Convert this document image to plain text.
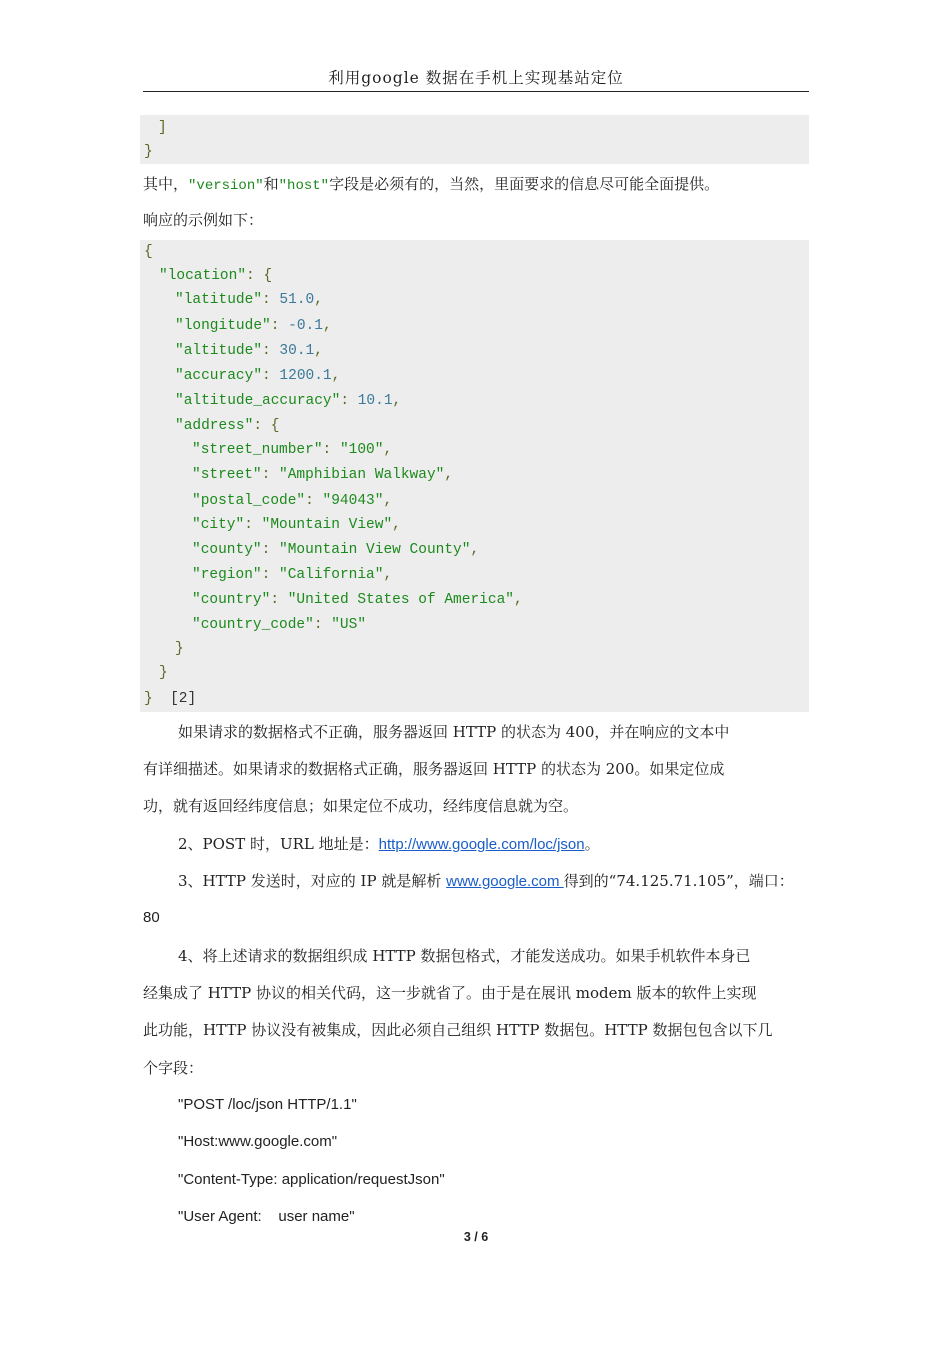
利用google 数据在手机上实现基站定位
]
}
其中，"version"和"host"字段是必须有的，当然，里面要求的信息尽可能全面提供。
响应的示例如下：
{
"location": {
"latitude": 51.0,
"longitude": -0.1,
"altitude": 30.1,
"accuracy": 1200.1,
"altitude_accuracy": 10.1,
"address": {
"street_number": "100",
"street": "Amphibian Walkway",
"postal_code": "94043",
"city": "Mountain View",
"county": "Mountain View County",
"region": "California",
"country": "United States of America",
"country_code": "US"
}
}
} [2]
如果请求的数据格式不正确，服务器返回 HTTP 的状态为 400，并在响应的文本中
有详细描述。如果请求的数据格式正确，服务器返回 HTTP 的状态为 200。如果定位成
功，就有返回经纬度信息；如果定位不成功，经纬度信息就为空。
2、POST 时，URL 地址是：http://www.google.com/loc/json。
3、HTTP 发送时，对应的 IP 就是解析 www.google.com 得到的“74.125.71.105”，端口：
80
4、将上述请求的数据组织成 HTTP 数据包格式，才能发送成功。如果手机软件本身已
经集成了 HTTP 协议的相关代码，这一步就省了。由于是在展讯 modem 版本的软件上实现
此功能，HTTP 协议没有被集成，因此必须自己组织 HTTP 数据包。HTTP 数据包包含以下几
个字段：
"POST /loc/json HTTP/1.1"
"Host:www.google.com"
"Content-Type: application/requestJson"
"User Agent:    user name"
3 / 6
